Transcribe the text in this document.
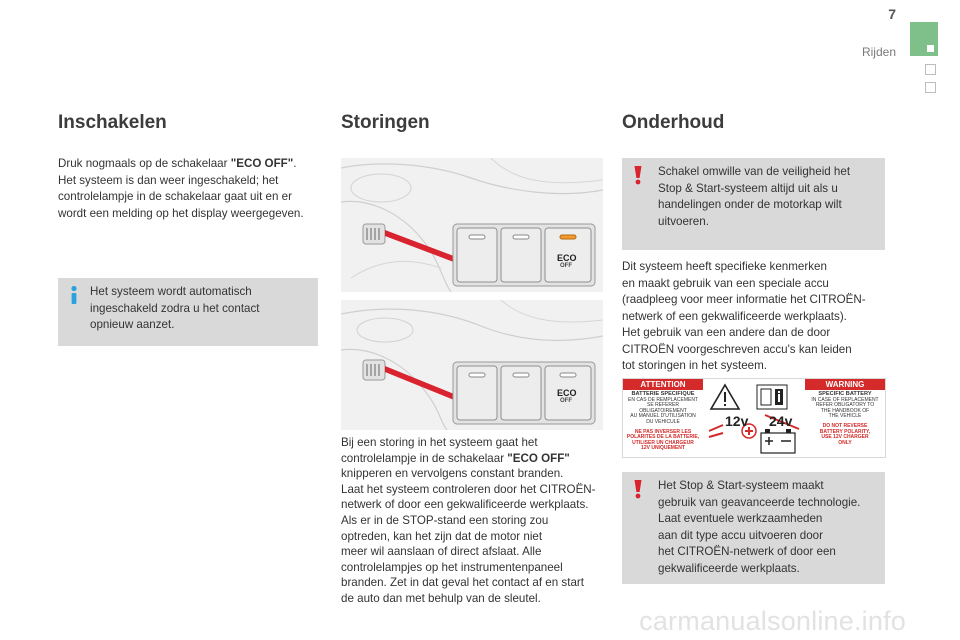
7
Rijden
Inschakelen
Druk nogmaals op de schakelaar "ECO OFF".
Het systeem is dan weer ingeschakeld; het
controlelampje in de schakelaar gaat uit en er
wordt een melding op het display weergegeven.
Het systeem wordt automatisch
ingeschakeld zodra u het contact
opnieuw aanzet.
Storingen
ECO
OFF
ECO
OFF
Bij een storing in het systeem gaat het
controlelampje in de schakelaar "ECO OFF"
knipperen en vervolgens constant branden.
Laat het systeem controleren door het CITROËN-
netwerk of door een gekwalificeerde werkplaats.
Als er in de STOP-stand een storing zou
optreden, kan het zijn dat de motor niet
meer wil aanslaan of direct afslaat. Alle
controlelampjes op het instrumentenpaneel
branden. Zet in dat geval het contact af en start
de auto dan met behulp van de sleutel.
Onderhoud
Schakel omwille van de veiligheid het
Stop & Start-systeem altijd uit als u
handelingen onder de motorkap wilt
uitvoeren.
Dit systeem heeft specifieke kenmerken
en maakt gebruik van een speciale accu
(raadpleeg voor meer informatie het CITROËN-
netwerk of een gekwalificeerde werkplaats).
Het gebruik van een andere dan de door
CITROËN voorgeschreven accu's kan leiden
tot storingen in het systeem.
ATTENTION	WARNING
BATTERIE SPECIFIQUE
EN CAS DE REMPLACEMENT
SE REFERER OBLIGATOIREMENT
AU MANUEL D'UTILISATION
DU VEHICULE
NE PAS INVERSER LES
POLARITES DE LA BATTERIE,
UTILISER UN CHARGEUR
12V UNIQUEMENT
SPECIFIC BATTERY
IN CASE OF REPLACEMENT
REFER OBLIGATORY TO
THE HANDBOOK OF
THE VEHICLE
DO NOT REVERSE
BATTERY POLARITY,
USE 12V CHARGER
ONLY
12v 24v
Het Stop & Start-systeem maakt
gebruik van geavanceerde technologie.
Laat eventuele werkzaamheden
aan dit type accu uitvoeren door
het CITROËN-netwerk of door een
gekwalificeerde werkplaats.
carmanualsonline.info
